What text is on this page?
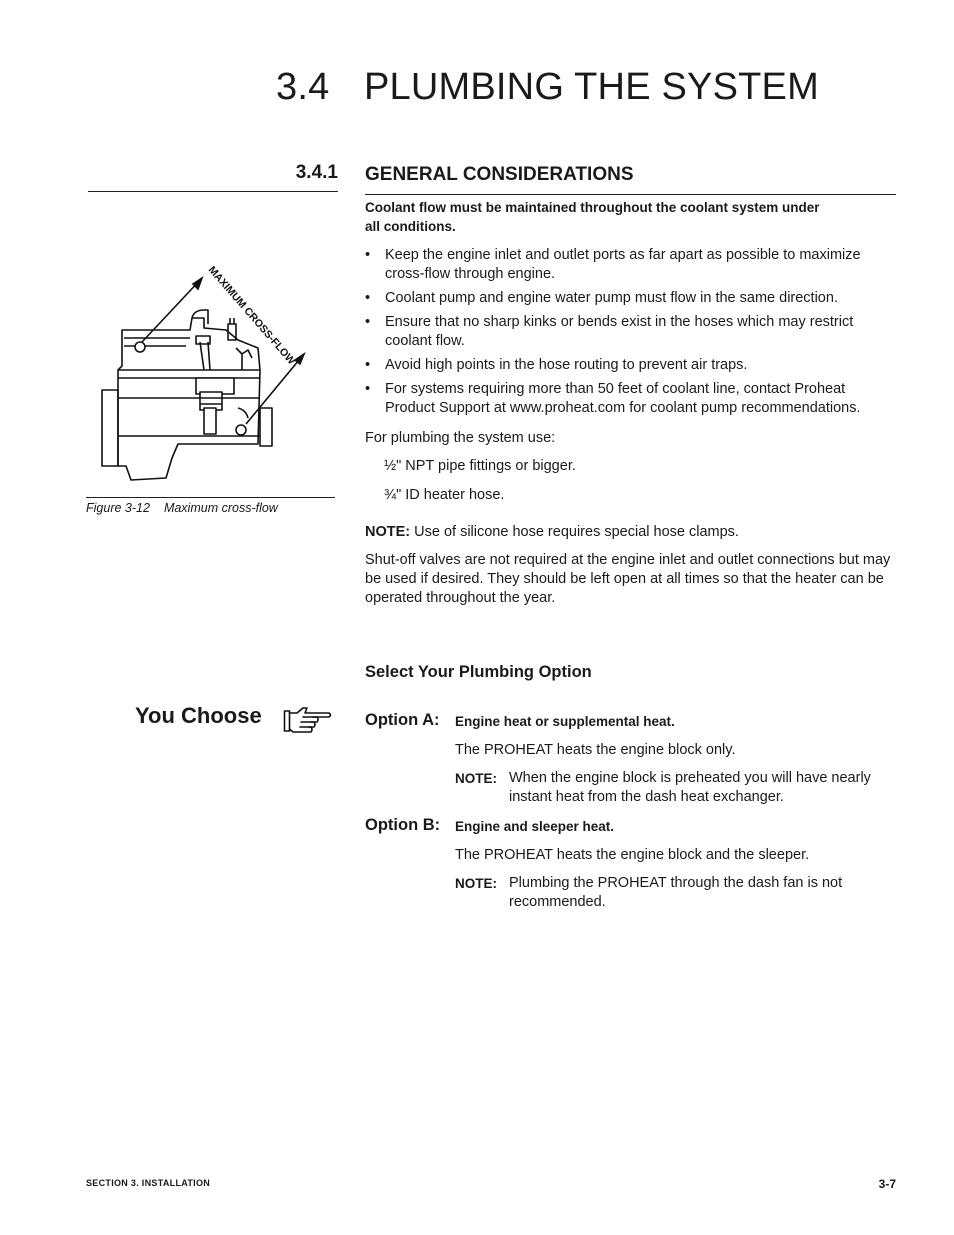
3.4 PLUMBING THE SYSTEM
3.4.1 GENERAL CONSIDERATIONS

Coolant flow must be maintained throughout the coolant system under all conditions.

• Keep the engine inlet and outlet ports as far apart as possible to maximize cross-flow through engine.
• Coolant pump and engine water pump must flow in the same direction.
• Ensure that no sharp kinks or bends exist in the hoses which may restrict coolant flow.
• Avoid high points in the hose routing to prevent air traps.
• For systems requiring more than 50 feet of coolant line, contact Proheat Product Support at www.proheat.com for coolant pump recommendations.

For plumbing the system use:

½" NPT pipe fittings or bigger.

¾" ID heater hose.

NOTE: Use of silicone hose requires special hose clamps.

Shut-off valves are not required at the engine inlet and outlet connections but may be used if desired. They should be left open at all times so that the heater can be operated throughout the year.

Select Your Plumbing Option
You Choose	Option A: Engine heat or supplemental heat.

The PROHEAT heats the engine block only.

NOTE: When the engine block is preheated you will have nearly instant heat from the dash heat exchanger.
Option B: Engine and sleeper heat.

The PROHEAT heats the engine block and the sleeper.

NOTE: Plumbing the PROHEAT through the dash fan is not recommended.
MAXIMUM CROSS-FLOW

Figure 3-12 Maximum cross-flow

SECTION 3. INSTALLATION	3-7
